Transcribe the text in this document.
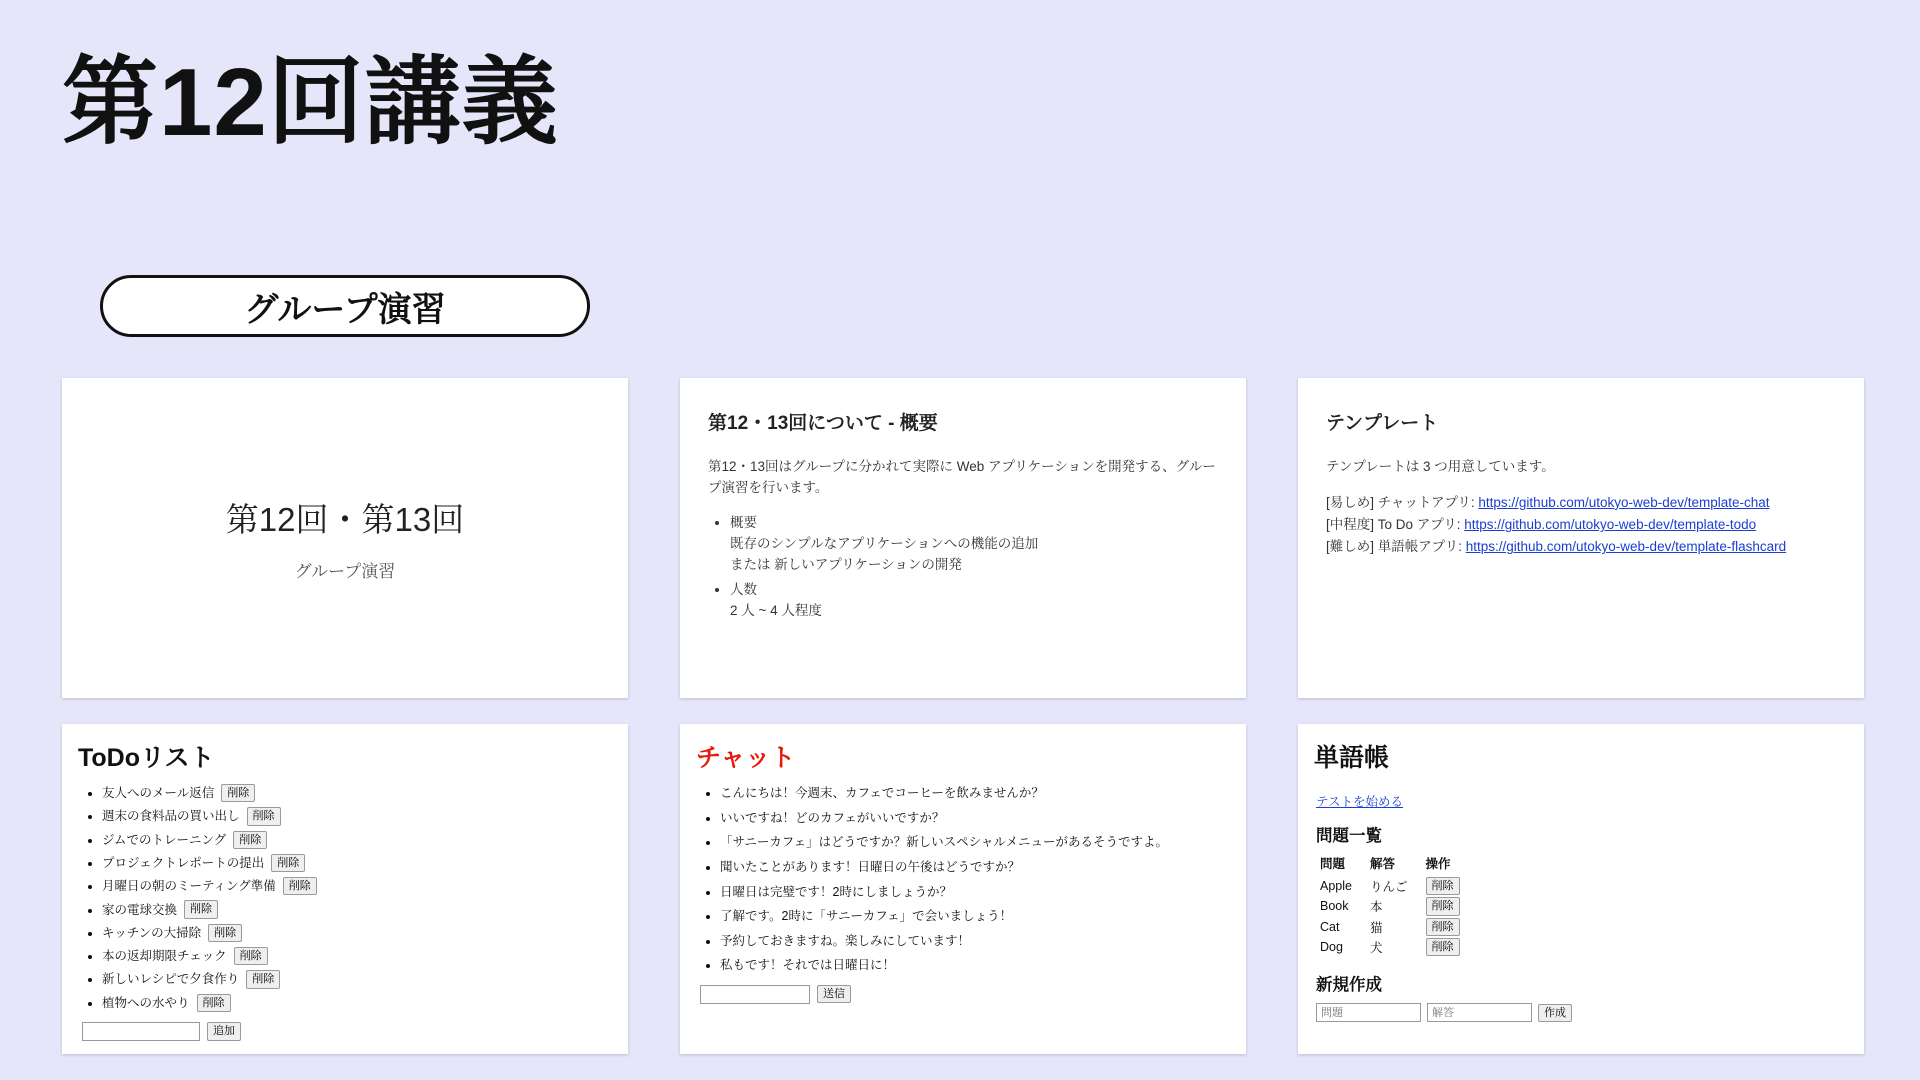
第12回講義
グループ演習
第12回・第13回
グループ演習
第12・13回について - 概要

第12・13回はグループに分かれて実際に Web アプリケーションを開発する、グループ演習を行います。

• 概要
既存のシンプルなアプリケーションへの機能の追加
または 新しいアプリケーションの開発
• 人数
2 人 ~ 4 人程度
テンプレート

テンプレートは 3 つ用意しています。

[易しめ] チャットアプリ: https://github.com/utokyo-web-dev/template-chat

[中程度] To Do アプリ: https://github.com/utokyo-web-dev/template-todo

[難しめ] 単語帳アプリ: https://github.com/utokyo-web-dev/template-flashcard

ToDoリスト
• 友人へのメール返信	削除
• 週末の食料品の買い出し	削除
• ジムでのトレーニング	削除
• プロジェクトレポートの提出	削除
• 月曜日の朝のミーティング準備	削除
• 家の電球交換	削除
• キッチンの大掃除	削除
• 本の返却期限チェック	削除
• 新しいレシピで夕食作り	削除
• 植物への水やり	削除
追加
チャット
• こんにちは！今週末、カフェでコーヒーを飲みませんか？
• いいですね！どのカフェがいいですか？
• 「サニーカフェ」はどうですか？新しいスペシャルメニューがあるそうですよ。
• 聞いたことがあります！日曜日の午後はどうですか？
• 日曜日は完璧です！2時にしましょうか？
• 了解です。2時に「サニーカフェ」で会いましょう！
• 予約しておきますね。楽しみにしています！
• 私もです！それでは日曜日に！
送信
単語帳
テストを始める
問題一覧
問題	解答	操作
Apple	りんご	削除
Book	本	削除
Cat	猫	削除
Dog	犬	削除
新規作成
問題
解答
作成
